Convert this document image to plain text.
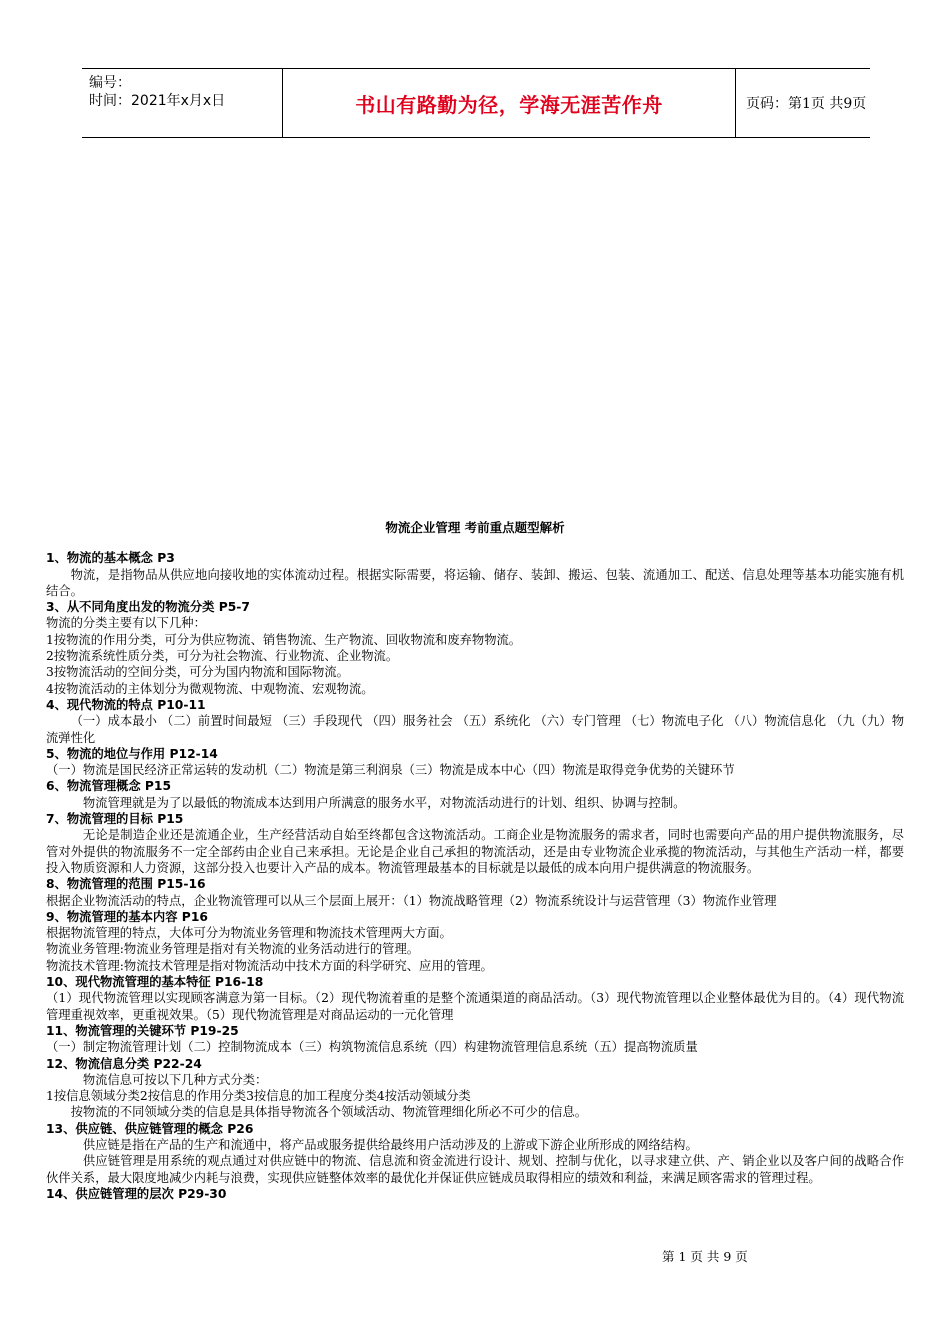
编号：
时间：2021年x月x日	书山有路勤为径，学海无涯苦作舟	页码：第1页 共9页
物流企业管理 考前重点题型解析
1、物流的基本概念 P3
物流，是指物品从供应地向接收地的实体流动过程。根据实际需要，将运输、储存、装卸、搬运、包装、流通加工、配送、信息处理等基本功能实施有机结合。
3、从不同角度出发的物流分类 P5-7
物流的分类主要有以下几种：
1按物流的作用分类，可分为供应物流、销售物流、生产物流、回收物流和废弃物物流。
2按物流系统性质分类，可分为社会物流、行业物流、企业物流。
3按物流活动的空间分类，可分为国内物流和国际物流。
4按物流活动的主体划分为微观物流、中观物流、宏观物流。
4、现代物流的特点 P10-11
（一）成本最小 （二）前置时间最短 （三）手段现代 （四）服务社会 （五）系统化 （六）专门管理 （七）物流电子化 （八）物流信息化 （九（九）物流弹性化
5、物流的地位与作用 P12-14
（一）物流是国民经济正常运转的发动机（二）物流是第三利润泉（三）物流是成本中心（四）物流是取得竞争优势的关键环节
6、物流管理概念 P15
物流管理就是为了以最低的物流成本达到用户所满意的服务水平，对物流活动进行的计划、组织、协调与控制。
7、物流管理的目标 P15
无论是制造企业还是流通企业，生产经营活动自始至终都包含这物流活动。工商企业是物流服务的需求者，同时也需要向产品的用户提供物流服务，尽管对外提供的物流服务不一定全部药由企业自己来承担。无论是企业自己承担的物流活动，还是由专业物流企业承揽的物流活动，与其他生产活动一样，都要投入物质资源和人力资源，这部分投入也要计入产品的成本。物流管理最基本的目标就是以最低的成本向用户提供满意的物流服务。
8、物流管理的范围 P15-16
根据企业物流活动的特点，企业物流管理可以从三个层面上展开：（1）物流战略管理（2）物流系统设计与运营管理（3）物流作业管理
9、物流管理的基本内容 P16
根据物流管理的特点，大体可分为物流业务管理和物流技术管理两大方面。
物流业务管理:物流业务管理是指对有关物流的业务活动进行的管理。
物流技术管理:物流技术管理是指对物流活动中技术方面的科学研究、应用的管理。
10、现代物流管理的基本特征 P16-18
（1）现代物流管理以实现顾客满意为第一目标。（2）现代物流着重的是整个流通渠道的商品活动。（3）现代物流管理以企业整体最优为目的。（4）现代物流管理重视效率，更重视效果。（5）现代物流管理是对商品运动的一元化管理
11、物流管理的关键环节 P19-25
（一）制定物流管理计划（二）控制物流成本（三）构筑物流信息系统（四）构建物流管理信息系统（五）提高物流质量
12、物流信息分类 P22-24
物流信息可按以下几种方式分类：
1按信息领域分类2按信息的作用分类3按信息的加工程度分类4按活动领域分类
按物流的不同领域分类的信息是具体指导物流各个领域活动、物流管理细化所必不可少的信息。
13、供应链、供应链管理的概念 P26
供应链是指在产品的生产和流通中，将产品或服务提供给最终用户活动涉及的上游或下游企业所形成的网络结构。
供应链管理是用系统的观点通过对供应链中的物流、信息流和资金流进行设计、规划、控制与优化，以寻求建立供、产、销企业以及客户间的战略合作伙伴关系，最大限度地减少内耗与浪费，实现供应链整体效率的最优化并保证供应链成员取得相应的绩效和利益，来满足顾客需求的管理过程。
14、供应链管理的层次 P29-30
第 1 页 共 9 页
